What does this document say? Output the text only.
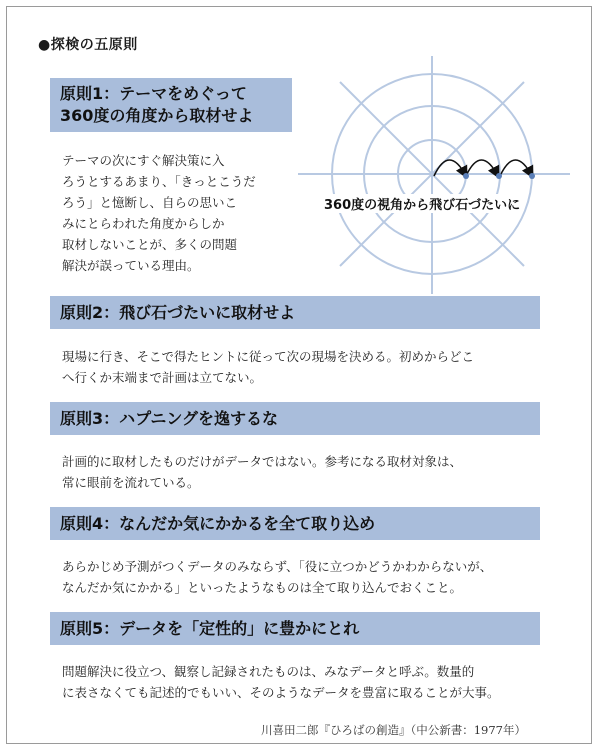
●探検の五原則
原則1：テーマをめぐって
360度の角度から取材せよ
テーマの次にすぐ解決策に入
ろうとするあまり、「きっとこうだ
ろう」と憶断し、自らの思いこ
みにとらわれた角度からしか
取材しないことが、多くの問題
解決が誤っている理由。
360度の視角から飛び石づたいに
原則2：飛び石づたいに取材せよ
現場に行き、そこで得たヒントに従って次の現場を決める。初めからどこ
へ行くか末端まで計画は立てない。
原則3：ハプニングを逸するな
計画的に取材したものだけがデータではない。参考になる取材対象は、
常に眼前を流れている。
原則4：なんだか気にかかるを全て取り込め
あらかじめ予測がつくデータのみならず、「役に立つかどうかわからないが、
なんだか気にかかる」といったようなものは全て取り込んでおくこと。
原則5：データを「定性的」に豊かにとれ
問題解決に役立つ、観察し記録されたものは、みなデータと呼ぶ。数量的
に表さなくても記述的でもいい、そのようなデータを豊富に取ることが大事。
川喜田二郎『ひろばの創造』（中公新書：1977年）
